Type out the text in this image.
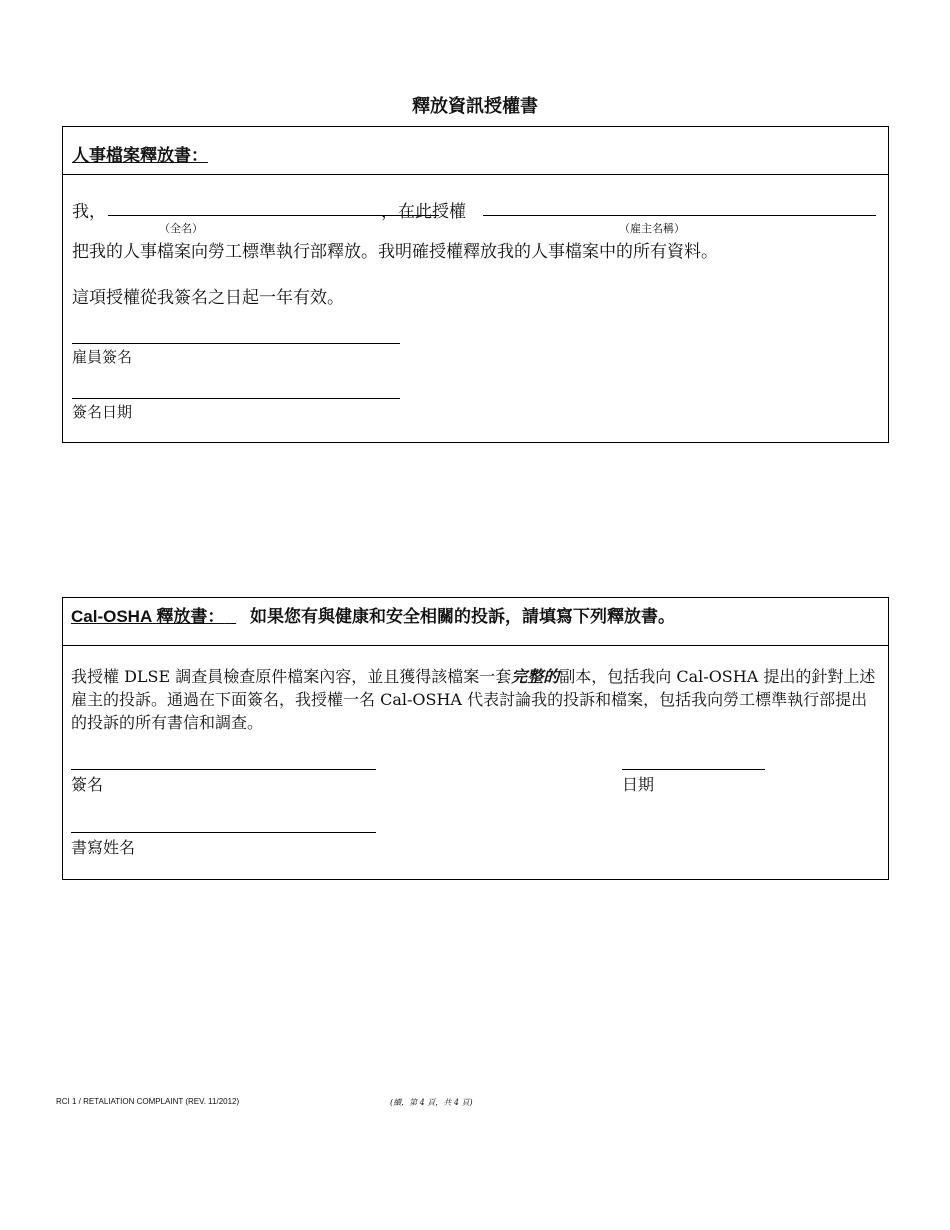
釋放資訊授權書
人事檔案釋放書：
我，
（全名）
，在此授權
（雇主名稱）
把我的人事檔案向勞工標準執行部釋放。我明確授權釋放我的人事檔案中的所有資料。
這項授權從我簽名之日起一年有效。
雇員簽名
簽名日期
Cal-OSHA 釋放書：	如果您有與健康和安全相關的投訴，請填寫下列釋放書。
我授權 DLSE 調查員檢查原件檔案內容，並且獲得該檔案一套完整的副本，包括我向 Cal-OSHA 提出的針對上述雇主的投訴。通過在下面簽名，我授權一名 Cal-OSHA 代表討論我的投訴和檔案，包括我向勞工標準執行部提出的投訴的所有書信和調查。
簽名	日期
書寫姓名
RCI 1 / RETALIATION COMPLAINT (REV. 11/2012)	(續，第 4 頁，共 4 頁)
